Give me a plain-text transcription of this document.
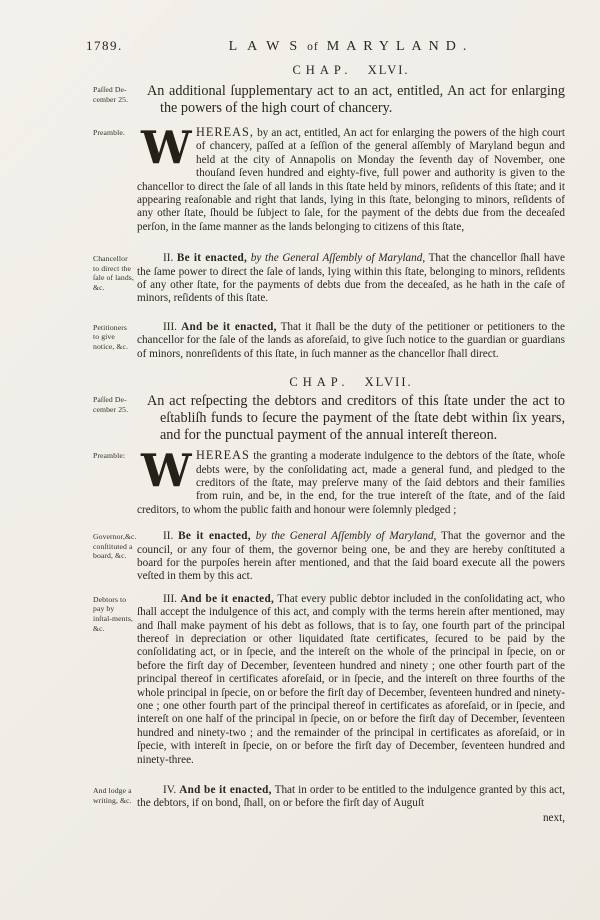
1789.	LAWS of MARYLAND.
CHAP. XLVI.
Paſſed De-cember 25.
An additional ſupplementary act to an act, entitled, An act for enlarging the powers of the high court of chancery.
Preamble. WHEREAS, by an act, entitled, An act for enlarging the powers of the high court of chancery, paſſed at a ſeſſion of the general aſſembly of Maryland begun and held at the city of Annapolis on Monday the ſeventh day of November, one thouſand ſeven hundred and eighty-five, full power and authority is given to the chancellor to direct the ſale of all lands in this ſtate held by minors, reſidents of this ſtate; and it appearing reaſonable and right that lands, lying in this ſtate, belonging to minors, reſidents of any other ſtate, ſhould be ſubject to ſale, for the payment of the debts due from the deceaſed perſon, in the ſame manner as the lands belonging to citizens of this ſtate,

Chancellor to direct the ſale of lands, &c.

II. Be it enacted, by the General Aſſembly of Maryland, That the chancellor ſhall have the ſame power to direct the ſale of lands, lying within this ſtate, belonging to minors, reſidents of any other ſtate, for the payments of debts due from the deceaſed, as he hath in the caſe of minors, reſidents of this ſtate.

Petitioners to give notice, &c.

III. And be it enacted, That it ſhall be the duty of the petitioner or petitioners to the chancellor for the ſale of the lands as aforeſaid, to give ſuch notice to the guardian or guardians of minors, nonreſidents of this ſtate, in ſuch manner as the chancellor ſhall direct.

CHAP. XLVII.
Paſſed De-cember 25.
An act reſpecting the debtors and creditors of this ſtate under the act to eſtabliſh funds to ſecure the payment of the ſtate debt within ſix years, and for the punctual payment of the annual intereſt thereon.
Preamble: WHEREAS the granting a moderate indulgence to the debtors of the ſtate, whoſe debts were, by the conſolidating act, made a general fund, and pledged to the creditors of the ſtate, may preſerve many of the ſaid debtors and their families from ruin, and be, in the end, for the true intereſt of the ſtate, and of the ſaid creditors, to whom the public faith and honour were ſolemnly pledged ;

Governor,&c. conſtituted a board, &c.

II. Be it enacted, by the General Aſſembly of Maryland, That the governor and the council, or any four of them, the governor being one, be and they are hereby conſtituted a board for the purpoſes herein after mentioned, and that the ſaid board execute all the powers veſted in them by this act.

Debtors to pay by inſtal-ments, &c.

III. And be it enacted, That every public debtor included in the conſolidating act, who ſhall accept the indulgence of this act, and comply with the terms herein after mentioned, may and ſhall make payment of his debt as follows, that is to ſay, one fourth part of the principal thereof in depreciation or other liquidated ſtate certificates, ſecured to be paid by the conſolidating act, or in ſpecie, and the intereſt on the whole of the principal in ſpecie, on or before the firſt day of December, ſeventeen hundred and ninety ; one other fourth part of the principal thereof in certificates aforeſaid, or in ſpecie, and the intereſt on three fourths of the whole principal in ſpecie, on or before the firſt day of December, ſeventeen hundred and ninety-one ; one other fourth part of the principal thereof in certificates as aforeſaid, or in ſpecie, and intereſt on one half of the principal in ſpecie, on or before the firſt day of December, ſeventeen hundred and ninety-two ; and the remainder of the principal in certificates as aforeſaid, or in ſpecie, with intereſt in ſpecie, on or before the firſt day of December, ſeventeen hundred and ninety-three.

And lodge a writing, &c.

IV. And be it enacted, That in order to be entitled to the indulgence granted by this act, the debtors, if on bond, ſhall, on or before the firſt day of Auguſt

next,
